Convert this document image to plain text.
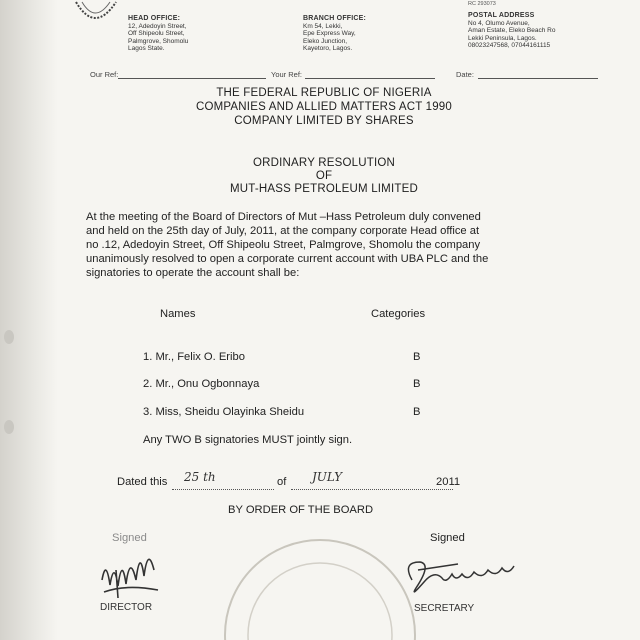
HEAD OFFICE:
12, Adedoyin Street,
Off Shipeolu Street,
Palmgrove, Shomolu
Lagos State.
BRANCH OFFICE:
Km 54, Lekki,
Epe Express Way,
Eleko Junction,
Kayetoro, Lagos.
RC 293073
POSTAL ADDRESS
No 4, Olumo Avenue,
Aman Estate, Eleko Beach Ro
Lekki Peninsula, Lagos.
08023247568, 07044161115
Our Ref:	Your Ref:	Date:
THE FEDERAL REPUBLIC OF NIGERIA
COMPANIES AND ALLIED MATTERS ACT 1990
COMPANY LIMITED BY SHARES
ORDINARY RESOLUTION
OF
MUT-HASS PETROLEUM LIMITED
At the meeting of the Board of Directors of Mut –Hass Petroleum duly convened
and held on the 25th day of July, 2011, at the company corporate Head office at
no .12, Adedoyin Street, Off Shipeolu Street, Palmgrove, Shomolu the company
unanimously resolved to open a corporate current account with UBA PLC and the
signatories to operate the account shall be:
Names	Categories
1. Mr., Felix O. Eribo	B
2. Mr., Onu Ogbonnaya	B
3. Miss, Sheidu Olayinka Sheidu	B
Any TWO B signatories MUST jointly sign.
Dated this 25 th	of JULY	2011
BY ORDER OF THE BOARD
Signed
DIRECTOR
Signed
SECRETARY
